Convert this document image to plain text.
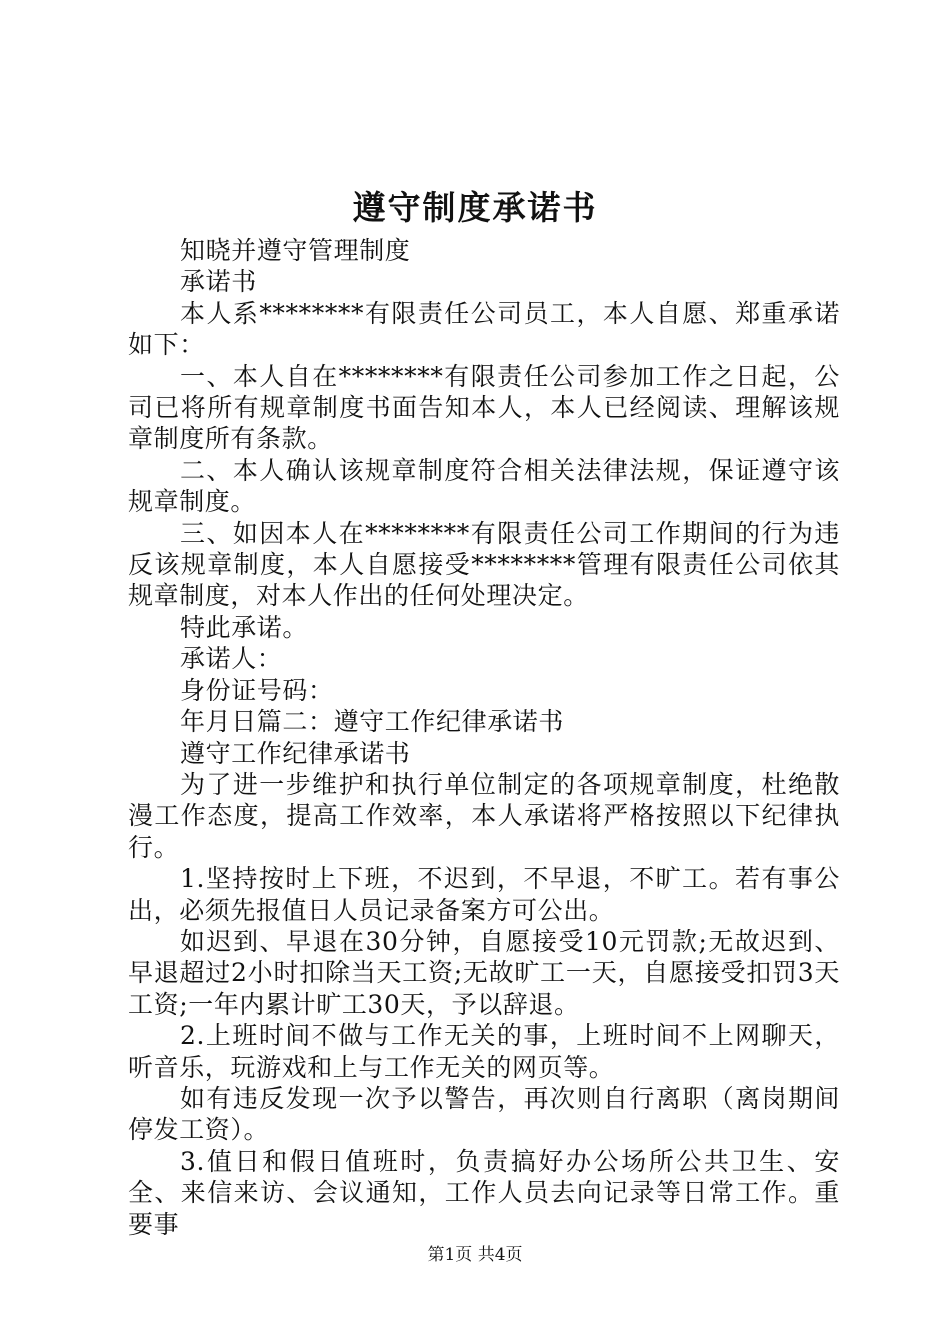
遵守制度承诺书

知晓并遵守管理制度

承诺书

本人系********有限责任公司员工，本人自愿、郑重承诺如下：

一、本人自在********有限责任公司参加工作之日起，公司已将所有规章制度书面告知本人，本人已经阅读、理解该规章制度所有条款。

二、本人确认该规章制度符合相关法律法规，保证遵守该规章制度。

三、如因本人在********有限责任公司工作期间的行为违反该规章制度，本人自愿接受********管理有限责任公司依其规章制度，对本人作出的任何处理决定。

特此承诺。

承诺人：

身份证号码：

年月日篇二：遵守工作纪律承诺书

遵守工作纪律承诺书

为了进一步维护和执行单位制定的各项规章制度，杜绝散漫工作态度，提高工作效率，本人承诺将严格按照以下纪律执行。

1.坚持按时上下班，不迟到，不早退，不旷工。若有事公出，必须先报值日人员记录备案方可公出。

如迟到、早退在30分钟，自愿接受10元罚款;无故迟到、早退超过2小时扣除当天工资;无故旷工一天，自愿接受扣罚3天工资;一年内累计旷工30天，予以辞退。

2.上班时间不做与工作无关的事，上班时间不上网聊天，听音乐，玩游戏和上与工作无关的网页等。

如有违反发现一次予以警告，再次则自行离职（离岗期间停发工资）。

3.值日和假日值班时，负责搞好办公场所公共卫生、安全、来信来访、会议通知，工作人员去向记录等日常工作。重要事

第1页 共4页
